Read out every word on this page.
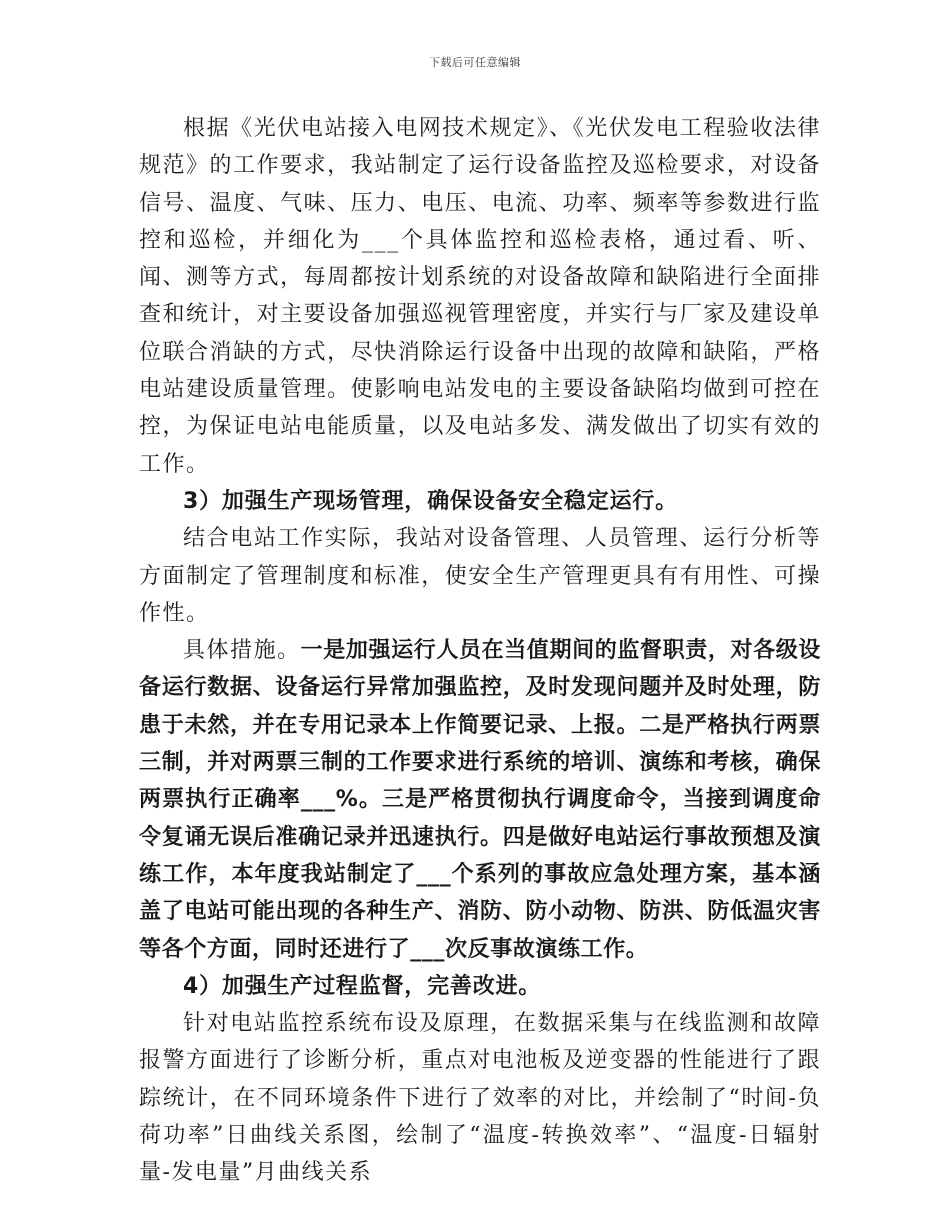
下载后可任意编辑

根据《光伏电站接入电网技术规定》、《光伏发电工程验收法律规范》的工作要求，我站制定了运行设备监控及巡检要求，对设备信号、温度、气味、压力、电压、电流、功率、频率等参数进行监控和巡检，并细化为___个具体监控和巡检表格，通过看、听、闻、测等方式，每周都按计划系统的对设备故障和缺陷进行全面排查和统计，对主要设备加强巡视管理密度，并实行与厂家及建设单位联合消缺的方式，尽快消除运行设备中出现的故障和缺陷，严格电站建设质量管理。使影响电站发电的主要设备缺陷均做到可控在控，为保证电站电能质量，以及电站多发、满发做出了切实有效的工作。

3）加强生产现场管理，确保设备安全稳定运行。

结合电站工作实际，我站对设备管理、人员管理、运行分析等方面制定了管理制度和标准，使安全生产管理更具有有用性、可操作性。

具体措施。一是加强运行人员在当值期间的监督职责，对各级设备运行数据、设备运行异常加强监控，及时发现问题并及时处理，防患于未然，并在专用记录本上作简要记录、上报。二是严格执行两票三制，并对两票三制的工作要求进行系统的培训、演练和考核，确保两票执行正确率___%。三是严格贯彻执行调度命令，当接到调度命令复诵无误后准确记录并迅速执行。四是做好电站运行事故预想及演练工作，本年度我站制定了___个系列的事故应急处理方案，基本涵盖了电站可能出现的各种生产、消防、防小动物、防洪、防低温灾害等各个方面，同时还进行了___次反事故演练工作。

4）加强生产过程监督，完善改进。

针对电站监控系统布设及原理，在数据采集与在线监测和故障报警方面进行了诊断分析，重点对电池板及逆变器的性能进行了跟踪统计，在不同环境条件下进行了效率的对比，并绘制了“时间-负荷功率”日曲线关系图，绘制了“温度-转换效率”、“温度-日辐射量-发电量”月曲线关系
